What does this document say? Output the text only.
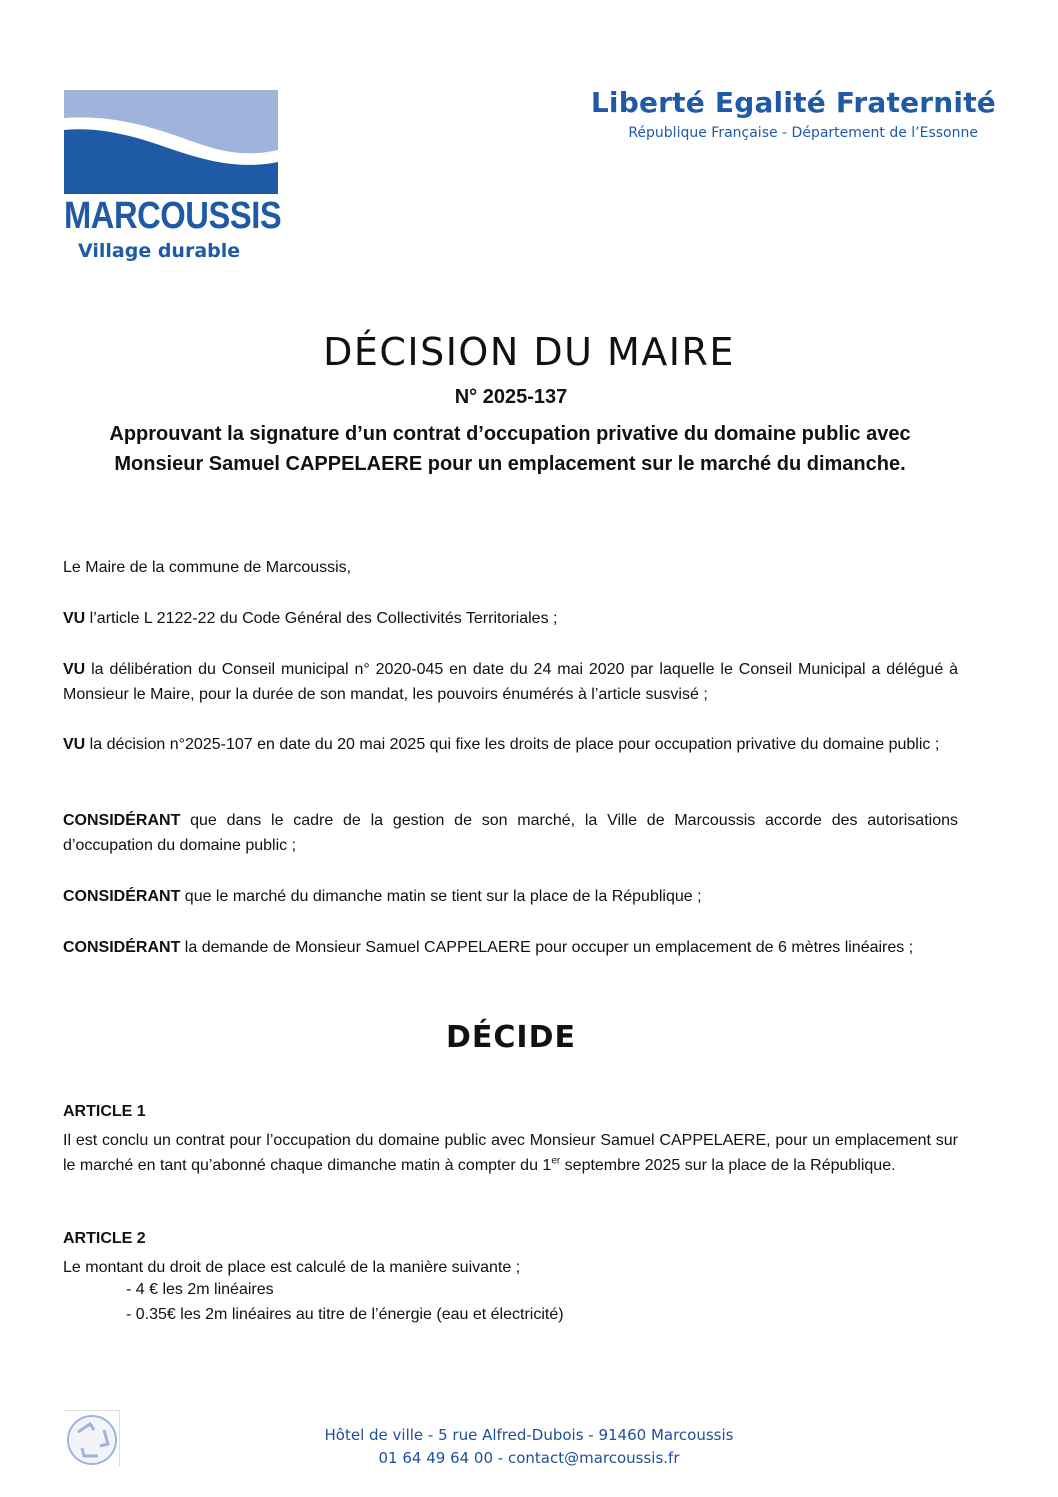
MARCOUSSIS
Village durable
Liberté Egalité Fraternité
République Française - Département de l’Essonne
DÉCISION DU MAIRE
N° 2025-137
Approuvant la signature d’un contrat d’occupation privative du domaine public avec
Monsieur Samuel CAPPELAERE pour un emplacement sur le marché du dimanche.
Le Maire de la commune de Marcoussis,
VU l’article L 2122-22 du Code Général des Collectivités Territoriales ;
VU la délibération du Conseil municipal n° 2020-045 en date du 24 mai 2020 par laquelle le Conseil Municipal a délégué à Monsieur le Maire, pour la durée de son mandat, les pouvoirs énumérés à l’article susvisé ;
VU la décision n°2025-107 en date du 20 mai 2025 qui fixe les droits de place pour occupation privative du domaine public ;
CONSIDÉRANT que dans le cadre de la gestion de son marché, la Ville de Marcoussis accorde des autorisations d’occupation du domaine public ;
CONSIDÉRANT que le marché du dimanche matin se tient sur la place de la République ;
CONSIDÉRANT la demande de Monsieur Samuel CAPPELAERE pour occuper un emplacement de 6 mètres linéaires ;
DÉCIDE
ARTICLE 1
Il est conclu un contrat pour l’occupation du domaine public avec Monsieur Samuel CAPPELAERE, pour un emplacement sur le marché en tant qu’abonné chaque dimanche matin à compter du 1er septembre 2025 sur la place de la République.
ARTICLE 2
Le montant du droit de place est calculé de la manière suivante ;
- 4 € les 2m linéaires
- 0.35€ les 2m linéaires au titre de l’énergie (eau et électricité)
Hôtel de ville - 5 rue Alfred-Dubois - 91460 Marcoussis
01 64 49 64 00 - contact@marcoussis.fr
